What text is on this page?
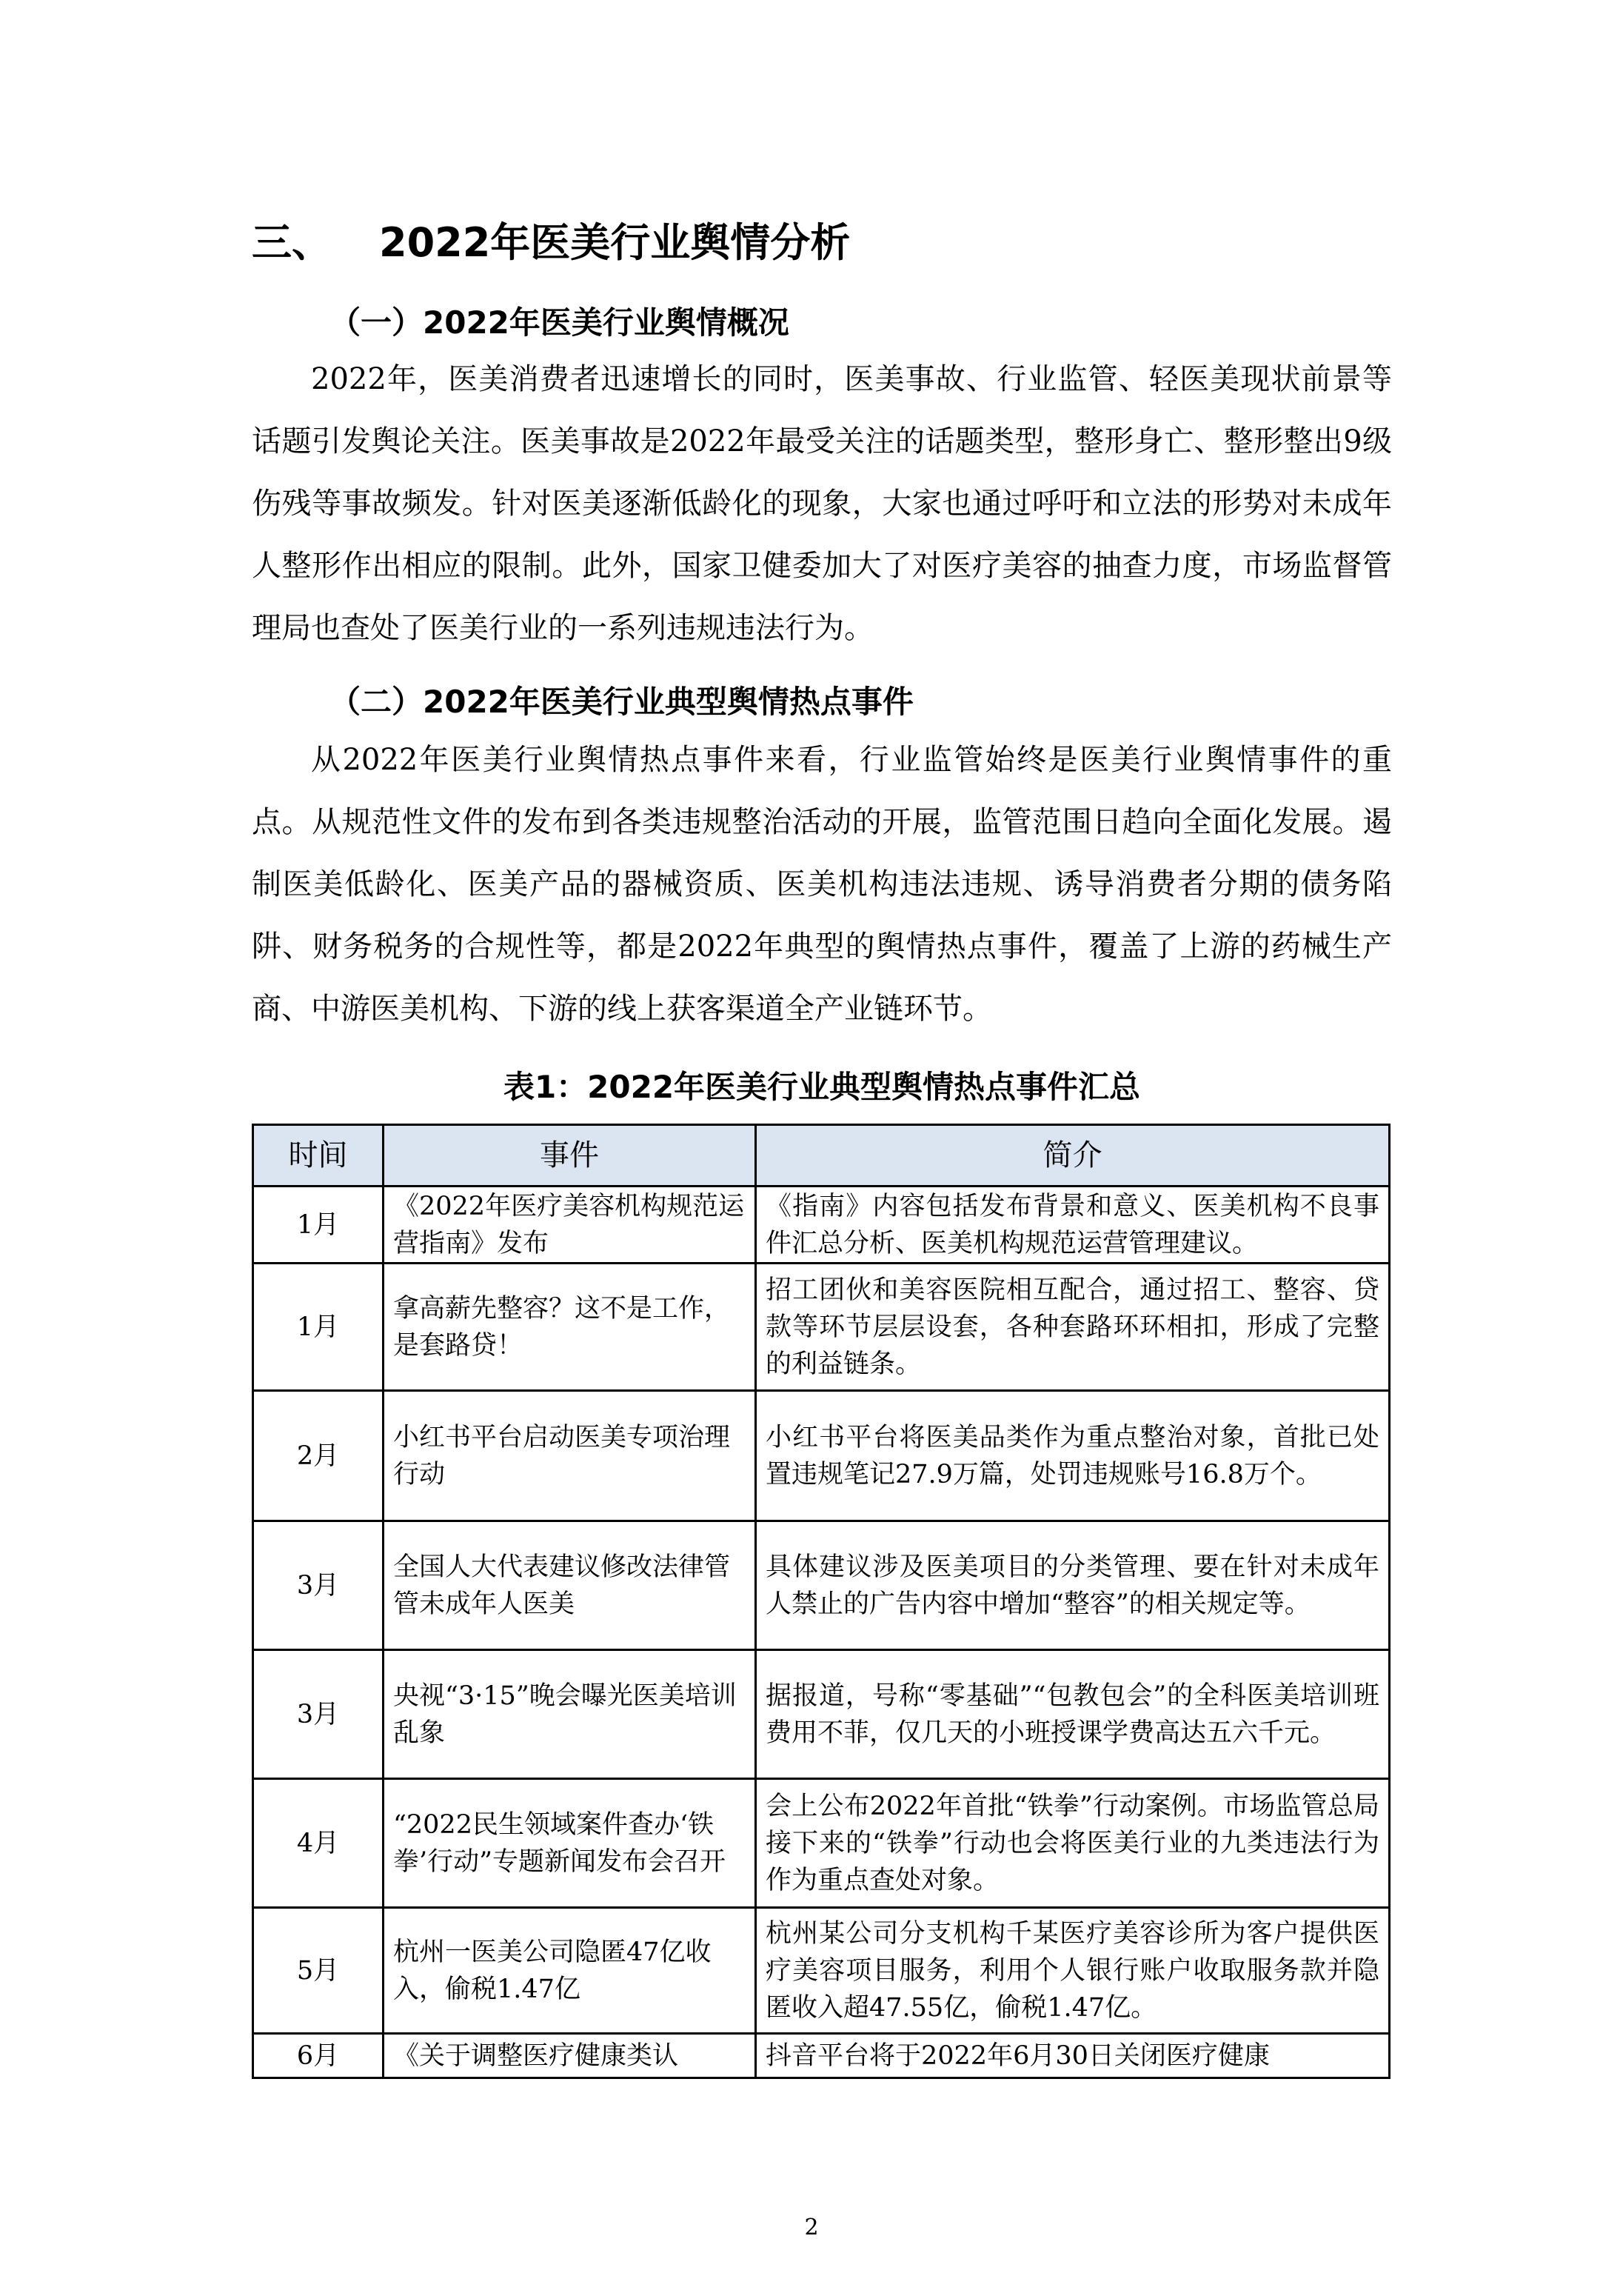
三、 2022年医美行业舆情分析
（一）2022年医美行业舆情概况

2022年，医美消费者迅速增长的同时，医美事故、行业监管、轻医美现状前景等话题引发舆论关注。医美事故是2022年最受关注的话题类型，整形身亡、整形整出9级伤残等事故频发。针对医美逐渐低龄化的现象，大家也通过呼吁和立法的形势对未成年人整形作出相应的限制。此外，国家卫健委加大了对医疗美容的抽查力度，市场监督管理局也查处了医美行业的一系列违规违法行为。

（二）2022年医美行业典型舆情热点事件

从2022年医美行业舆情热点事件来看，行业监管始终是医美行业舆情事件的重点。从规范性文件的发布到各类违规整治活动的开展，监管范围日趋向全面化发展。遏制医美低龄化、医美产品的器械资质、医美机构违法违规、诱导消费者分期的债务陷阱、财务税务的合规性等，都是2022年典型的舆情热点事件，覆盖了上游的药械生产商、中游医美机构、下游的线上获客渠道全产业链环节。

表1：2022年医美行业典型舆情热点事件汇总
时间	事件	简介
1月	《2022年医疗美容机构规范运营指南》发布	《指南》内容包括发布背景和意义、医美机构不良事件汇总分析、医美机构规范运营管理建议。
1月	拿高薪先整容？这不是工作，是套路贷！	招工团伙和美容医院相互配合，通过招工、整容、贷款等环节层层设套，各种套路环环相扣，形成了完整的利益链条。
2月	小红书平台启动医美专项治理行动	小红书平台将医美品类作为重点整治对象，首批已处置违规笔记27.9万篇，处罚违规账号16.8万个。
3月	全国人大代表建议修改法律管管未成年人医美	具体建议涉及医美项目的分类管理、要在针对未成年人禁止的广告内容中增加“整容”的相关规定等。
3月	央视“3·15”晚会曝光医美培训乱象	据报道，号称“零基础”“包教包会”的全科医美培训班费用不菲，仅几天的小班授课学费高达五六千元。
4月	“2022民生领域案件查办‘铁拳’行动”专题新闻发布会召开	会上公布2022年首批“铁拳”行动案例。市场监管总局接下来的“铁拳”行动也会将医美行业的九类违法行为作为重点查处对象。
5月	杭州一医美公司隐匿47亿收入，偷税1.47亿	杭州某公司分支机构千某医疗美容诊所为客户提供医疗美容项目服务，利用个人银行账户收取服务款并隐匿收入超47.55亿，偷税1.47亿。
6月	《关于调整医疗健康类认	抖音平台将于2022年6月30日关闭医疗健康
2
